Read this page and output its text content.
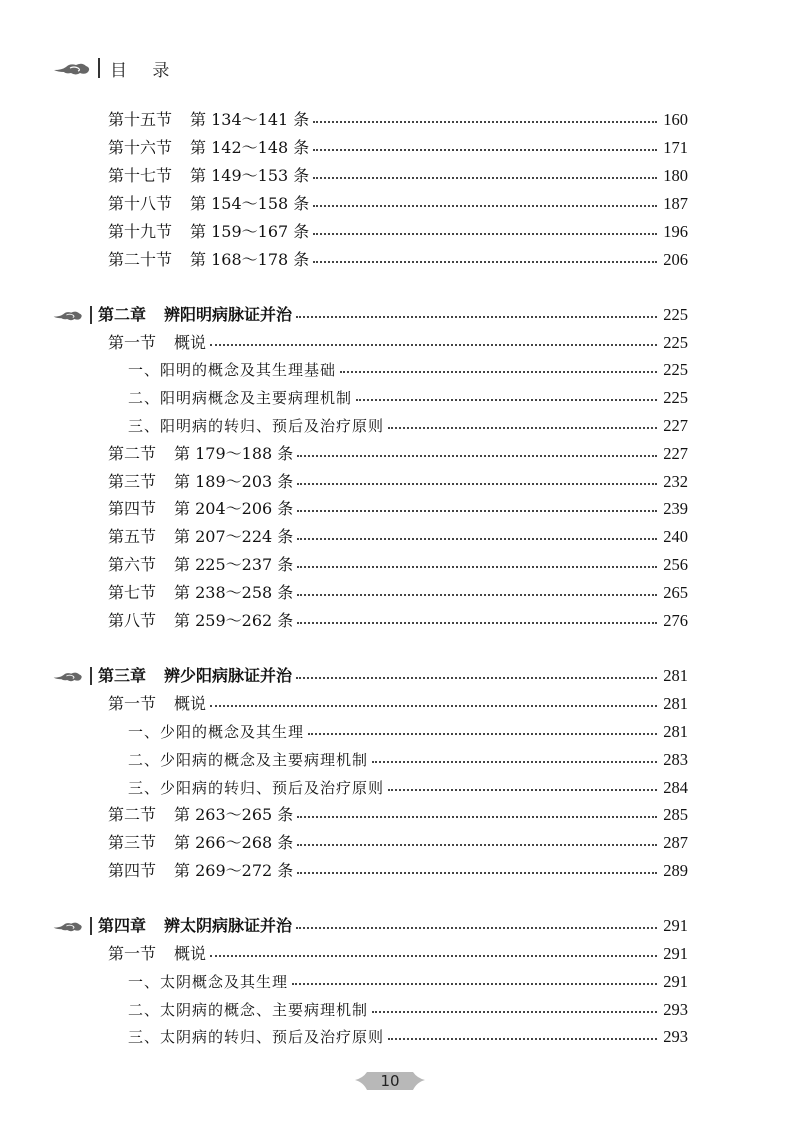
目 录
第十五节 第 134～141 条	160
第十六节 第 142～148 条	171
第十七节 第 149～153 条	180
第十八节 第 154～158 条	187
第十九节 第 159～167 条	196
第二十节 第 168～178 条	206
第二章 辨阳明病脉证并治	225
第一节 概说	225
一、阳明的概念及其生理基础	225
二、阳明病概念及主要病理机制	225
三、阳明病的转归、预后及治疗原则	227
第二节 第 179～188 条	227
第三节 第 189～203 条	232
第四节 第 204～206 条	239
第五节 第 207～224 条	240
第六节 第 225～237 条	256
第七节 第 238～258 条	265
第八节 第 259～262 条	276
第三章 辨少阳病脉证并治	281
第一节 概说	281
一、少阳的概念及其生理	281
二、少阳病的概念及主要病理机制	283
三、少阳病的转归、预后及治疗原则	284
第二节 第 263～265 条	285
第三节 第 266～268 条	287
第四节 第 269～272 条	289
第四章 辨太阴病脉证并治	291
第一节 概说	291
一、太阴概念及其生理	291
二、太阴病的概念、主要病理机制	293
三、太阴病的转归、预后及治疗原则	293
10
